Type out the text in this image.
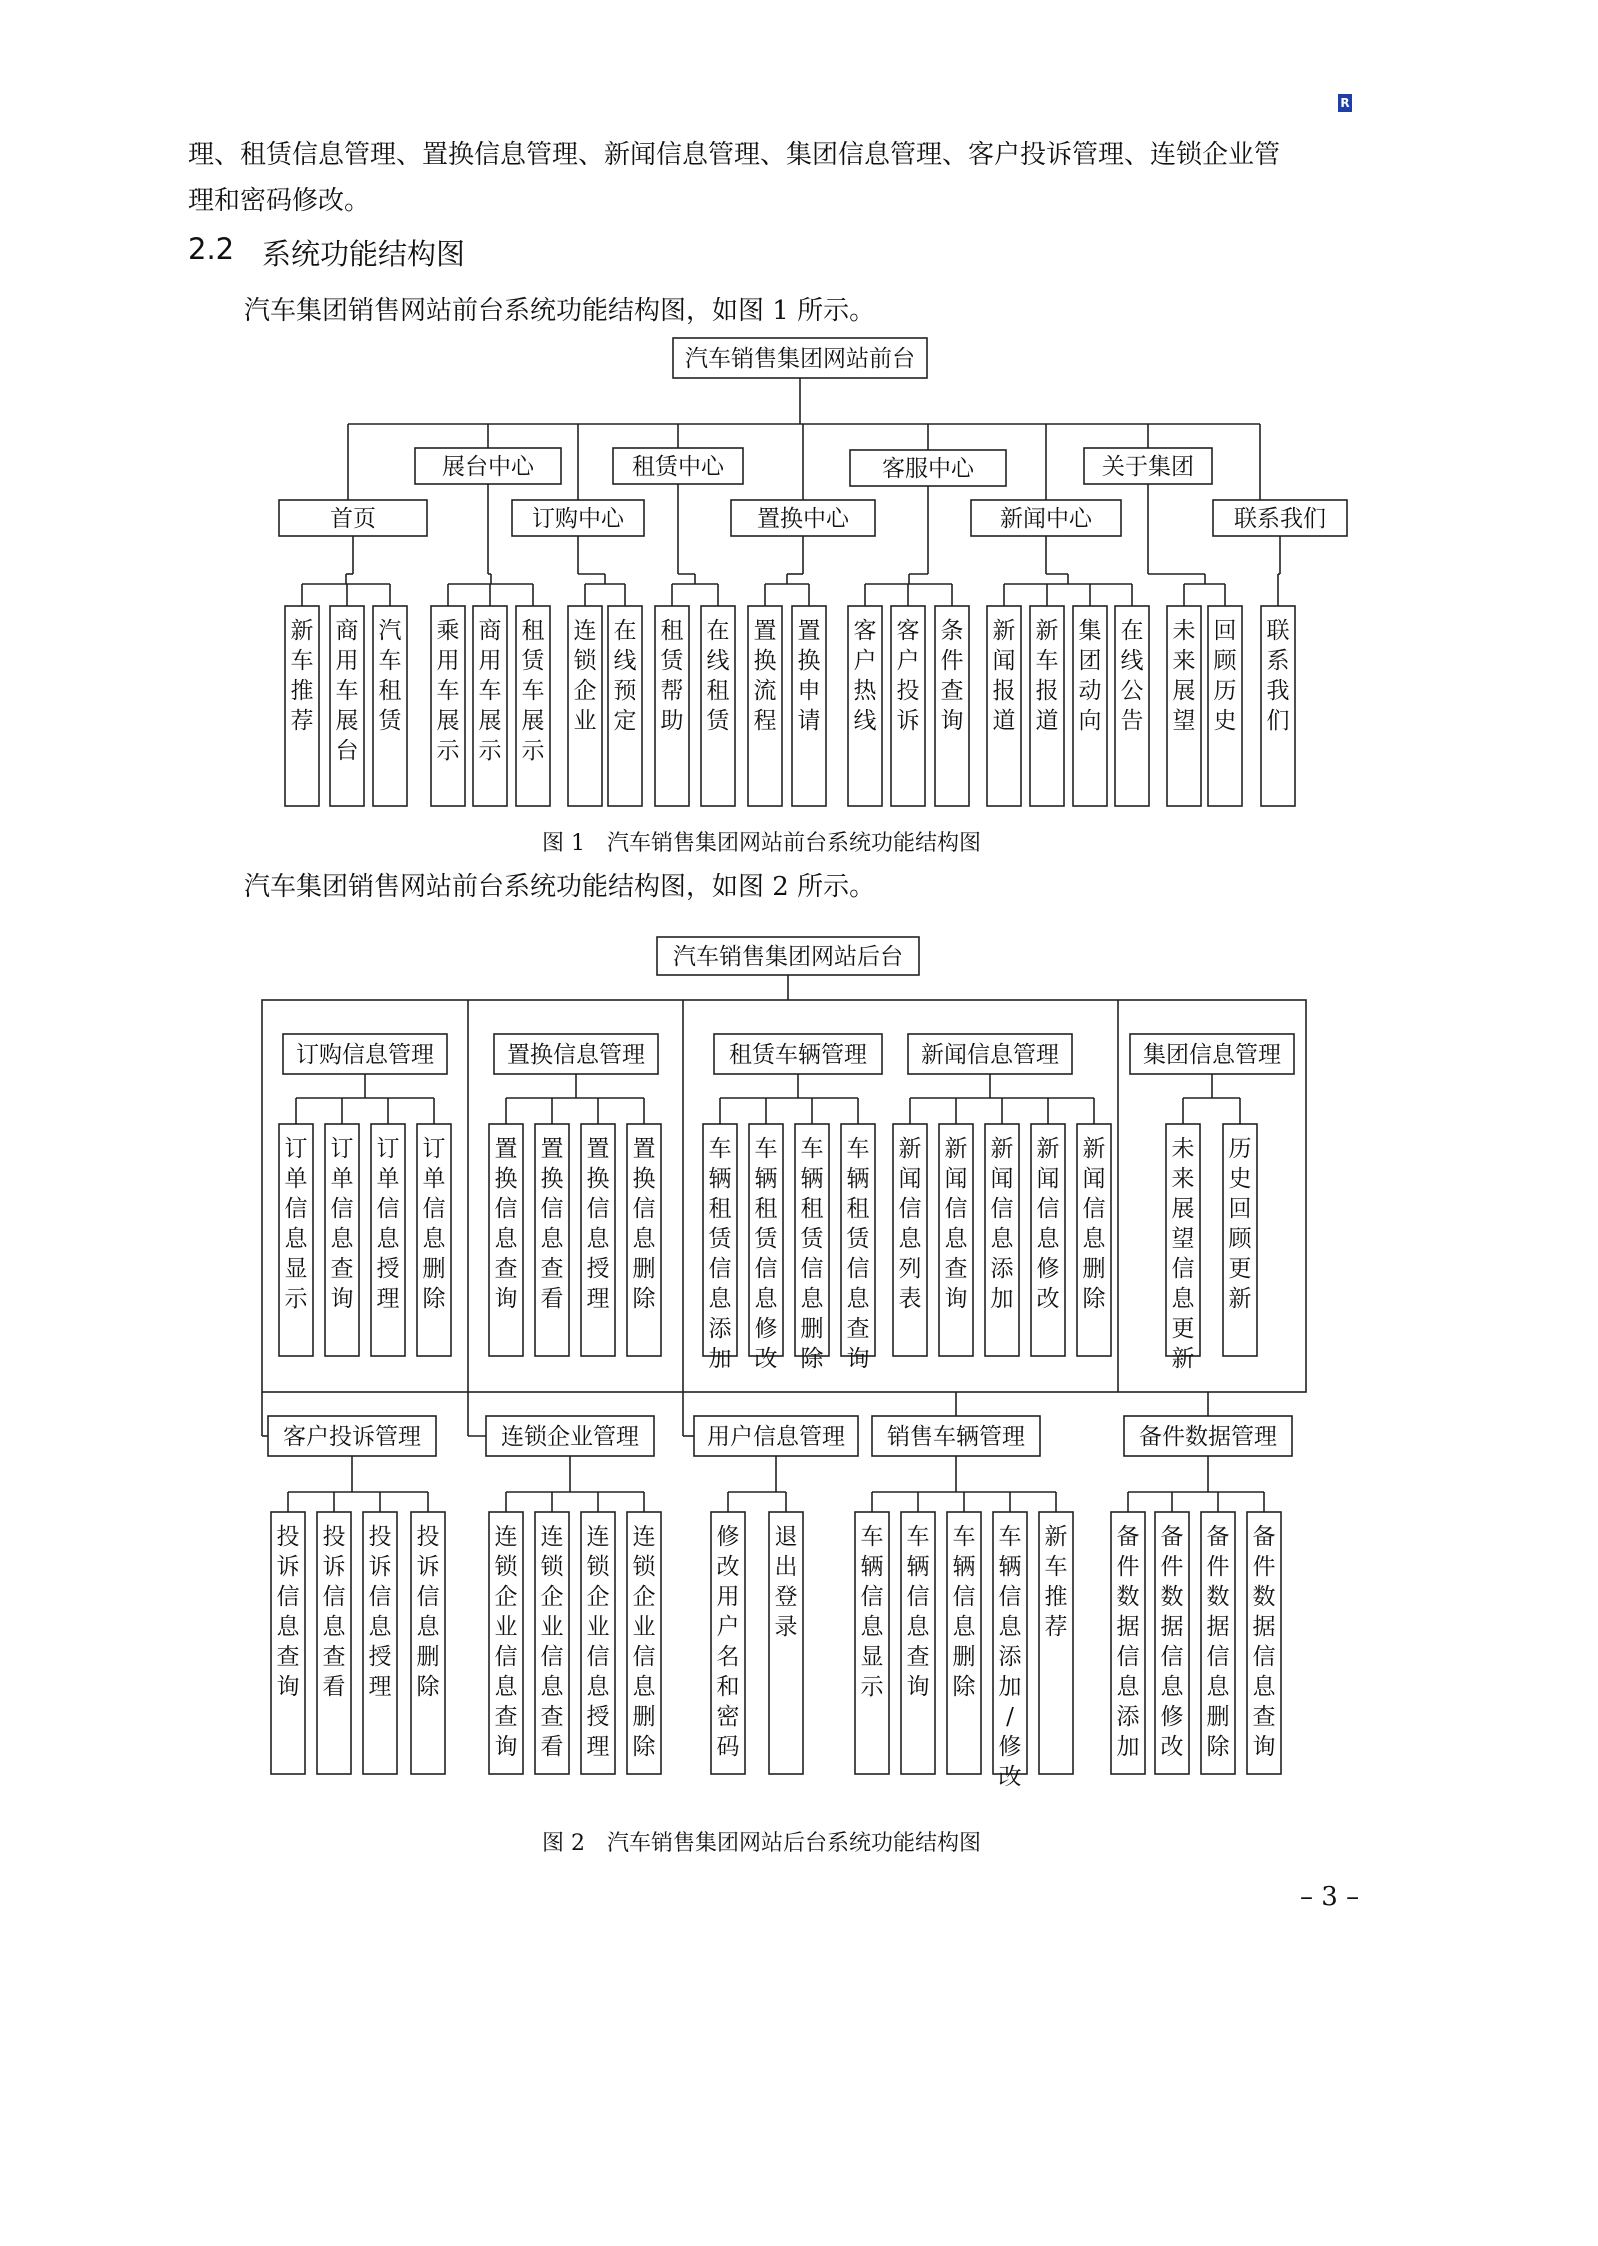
R
理、租赁信息管理、置换信息管理、新闻信息管理、集团信息管理、客户投诉管理、连锁企业管
理和密码修改。
2.2 系统功能结构图
汽车集团销售网站前台系统功能结构图，如图 1 所示。
汽车集团销售网站前台系统功能结构图，如图 2 所示。
图 1　汽车销售集团网站前台系统功能结构图
图 2　汽车销售集团网站后台系统功能结构图
– 3 –
汽车销售集团网站前台
首页
新
车
推
荐
商
用
车
展
台
汽
车
租
赁
展台中心
乘
用
车
展
示
商
用
车
展
示
租
赁
车
展
示
订购中心
连
锁
企
业
在
线
预
定
租赁中心
租
赁
帮
助
在
线
租
赁
置换中心
置
换
流
程
置
换
申
请
客服中心
客
户
热
线
客
户
投
诉
条
件
查
询
新闻中心
新
闻
报
道
新
车
报
道
集
团
动
向
在
线
公
告
关于集团
未
来
展
望
回
顾
历
史
联系我们
联
系
我
们
汽车销售集团网站后台
订购信息管理
订
单
信
息
显
示
订
单
信
息
查
询
订
单
信
息
授
理
订
单
信
息
删
除
置换信息管理
置
换
信
息
查
询
置
换
信
息
查
看
置
换
信
息
授
理
置
换
信
息
删
除
租赁车辆管理
车
辆
租
赁
信
息
添
加
车
辆
租
赁
信
息
修
改
车
辆
租
赁
信
息
删
除
车
辆
租
赁
信
息
查
询
新闻信息管理
新
闻
信
息
列
表
新
闻
信
息
查
询
新
闻
信
息
添
加
新
闻
信
息
修
改
新
闻
信
息
删
除
集团信息管理
未
来
展
望
信
息
更
新
历
史
回
顾
更
新
客户投诉管理
投
诉
信
息
查
询
投
诉
信
息
查
看
投
诉
信
息
授
理
投
诉
信
息
删
除
连锁企业管理
连
锁
企
业
信
息
查
询
连
锁
企
业
信
息
查
看
连
锁
企
业
信
息
授
理
连
锁
企
业
信
息
删
除
用户信息管理
修
改
用
户
名
和
密
码
退
出
登
录
销售车辆管理
车
辆
信
息
显
示
车
辆
信
息
查
询
车
辆
信
息
删
除
车
辆
信
息
添
加
/
修
改
新
车
推
荐
备件数据管理
备
件
数
据
信
息
添
加
备
件
数
据
信
息
修
改
备
件
数
据
信
息
删
除
备
件
数
据
信
息
查
询
